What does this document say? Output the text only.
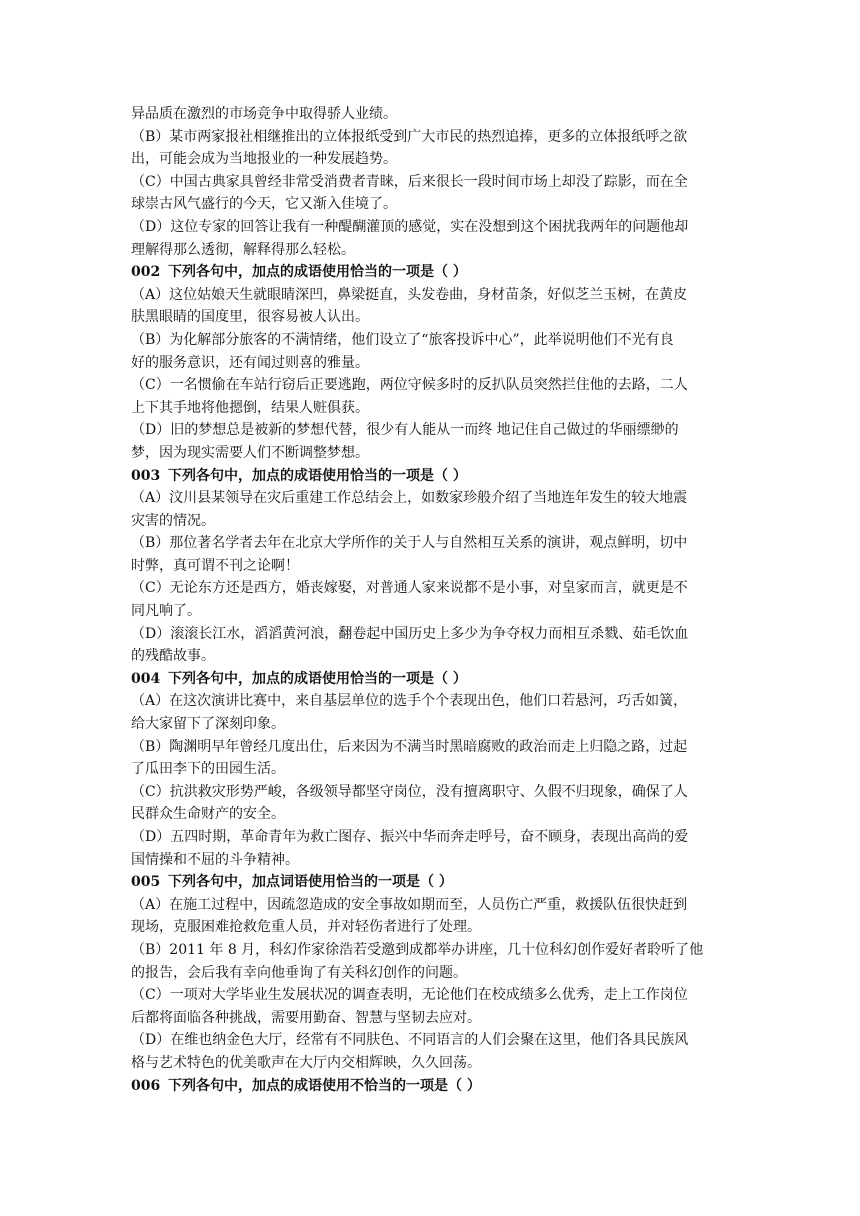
异品质在激烈的市场竞争中取得骄人业绩。
（B）某市两家报社相继推出的立体报纸受到广大市民的热烈追捧，更多的立体报纸呼之欲
出，可能会成为当地报业的一种发展趋势。
（C）中国古典家具曾经非常受消费者青睐，后来很长一段时间市场上却没了踪影，而在全
球崇古风气盛行的今天，它又渐入佳境了。
（D）这位专家的回答让我有一种醍醐灌顶的感觉，实在没想到这个困扰我两年的问题他却
理解得那么透彻，解释得那么轻松。
002 下列各句中，加点的成语使用恰当的一项是（ ）
（A）这位姑娘天生就眼睛深凹，鼻梁挺直，头发卷曲，身材苗条，好似芝兰玉树，在黄皮
肤黑眼睛的国度里，很容易被人认出。
（B）为化解部分旅客的不满情绪，他们设立了“旅客投诉中心”，此举说明他们不光有良
好的服务意识，还有闻过则喜的雅量。
（C）一名惯偷在车站行窃后正要逃跑，两位守候多时的反扒队员突然拦住他的去路，二人
上下其手地将他摁倒，结果人赃俱获。
（D）旧的梦想总是被新的梦想代替，很少有人能从一而终 地记住自己做过的华丽缥缈的
梦，因为现实需要人们不断调整梦想。
003 下列各句中，加点的成语使用恰当的一项是（ ）
（A）汶川县某领导在灾后重建工作总结会上，如数家珍般介绍了当地连年发生的较大地震
灾害的情况。
（B）那位著名学者去年在北京大学所作的关于人与自然相互关系的演讲，观点鲜明，切中
时弊，真可谓不刊之论啊！
（C）无论东方还是西方，婚丧嫁娶，对普通人家来说都不是小事，对皇家而言，就更是不
同凡响了。
（D）滚滚长江水，滔滔黄河浪，翻卷起中国历史上多少为争夺权力而相互杀戮、茹毛饮血
的残酷故事。
004 下列各句中，加点的成语使用恰当的一项是（ ）
（A）在这次演讲比赛中，来自基层单位的选手个个表现出色，他们口若悬河，巧舌如簧，
给大家留下了深刻印象。
（B）陶渊明早年曾经几度出仕，后来因为不满当时黑暗腐败的政治而走上归隐之路，过起
了瓜田李下的田园生活。
（C）抗洪救灾形势严峻，各级领导都坚守岗位，没有擅离职守、久假不归现象，确保了人
民群众生命财产的安全。
（D）五四时期，革命青年为救亡图存、振兴中华而奔走呼号，奋不顾身，表现出高尚的爱
国情操和不屈的斗争精神。
005 下列各句中，加点词语使用恰当的一项是（ ）
（A）在施工过程中，因疏忽造成的安全事故如期而至，人员伤亡严重，救援队伍很快赶到
现场，克服困难抢救危重人员，并对轻伤者进行了处理。
（B）2011 年 8 月，科幻作家徐浩若受邀到成都举办讲座，几十位科幻创作爱好者聆听了他
的报告，会后我有幸向他垂询了有关科幻创作的问题。
（C）一项对大学毕业生发展状况的调查表明，无论他们在校成绩多么优秀，走上工作岗位
后都将面临各种挑战，需要用勤奋、智慧与坚韧去应对。
（D）在维也纳金色大厅，经常有不同肤色、不同语言的人们会聚在这里，他们各具民族风
格与艺术特色的优美歌声在大厅内交相辉映，久久回荡。
006 下列各句中，加点的成语使用不恰当的一项是（ ）
